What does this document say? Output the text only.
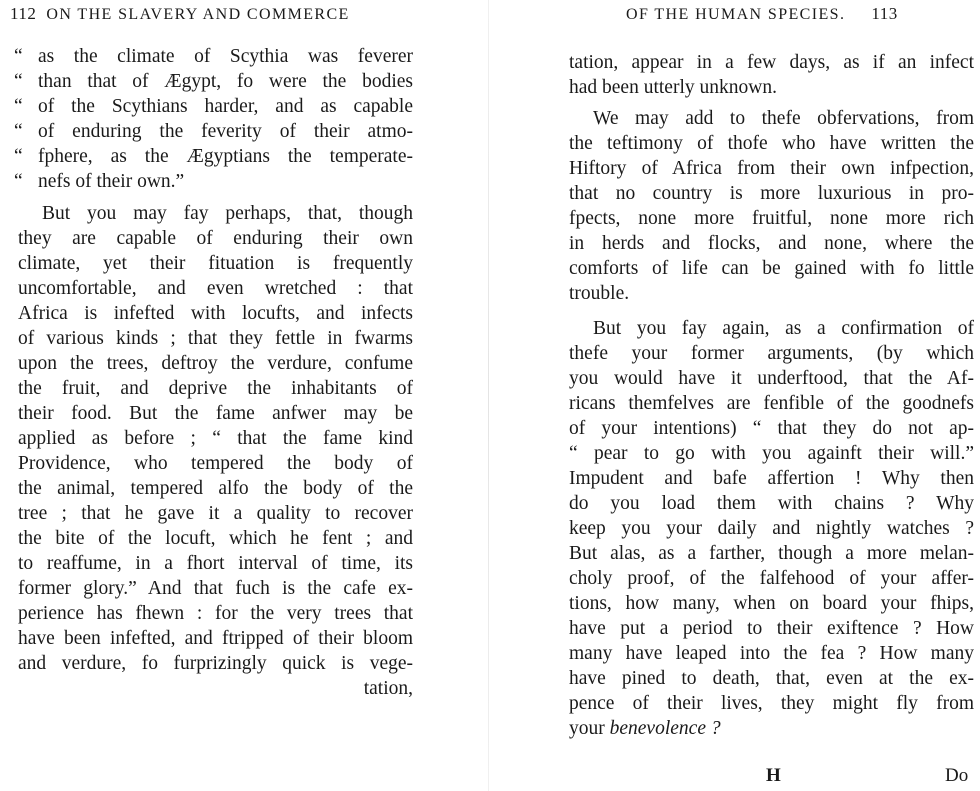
112 ON THE SLAVERY AND COMMERCE
“ as the climate of Scythia was feverer
“ than that of Ægypt, fo were the bodies
“ of the Scythians harder, and as capable
“ of enduring the feverity of their atmo-
“ fphere, as the Ægyptians the temperate-
“ nefs of their own.”
But you may fay perhaps, that, though
they are capable of enduring their own
climate, yet their fituation is frequently
uncomfortable, and even wretched : that
Africa is infefted with locufts, and infects
of various kinds ; that they fettle in fwarms
upon the trees, deftroy the verdure, confume
the fruit, and deprive the inhabitants of
their food. But the fame anfwer may be
applied as before ; “ that the fame kind
Providence, who tempered the body of
the animal, tempered alfo the body of the
tree ; that he gave it a quality to recover
the bite of the locuft, which he fent ; and
to reaffume, in a fhort interval of time, its
former glory.” And that fuch is the cafe ex-
perience has fhewn : for the very trees that
have been infefted, and ftripped of their bloom
and verdure, fo furprizingly quick is vege-
tation,
OF THE HUMAN SPECIES. 113
tation, appear in a few days, as if an infect
had been utterly unknown.
We may add to thefe obfervations, from
the teftimony of thofe who have written the
Hiftory of Africa from their own infpection,
that no country is more luxurious in pro-
fpects, none more fruitful, none more rich
in herds and flocks, and none, where the
comforts of life can be gained with fo little
trouble.
But you fay again, as a confirmation of
thefe your former arguments, (by which
you would have it underftood, that the Af-
ricans themfelves are fenfible of the goodnefs
of your intentions) “ that they do not ap-
“ pear to go with you againft their will.”
Impudent and bafe affertion ! Why then
do you load them with chains ? Why
keep you your daily and nightly watches ?
But alas, as a farther, though a more melan-
choly proof, of the falfehood of your affer-
tions, how many, when on board your fhips,
have put a period to their exiftence ? How
many have leaped into the fea ? How many
have pined to death, that, even at the ex-
pence of their lives, they might fly from
your benevolence ?
H	Do
